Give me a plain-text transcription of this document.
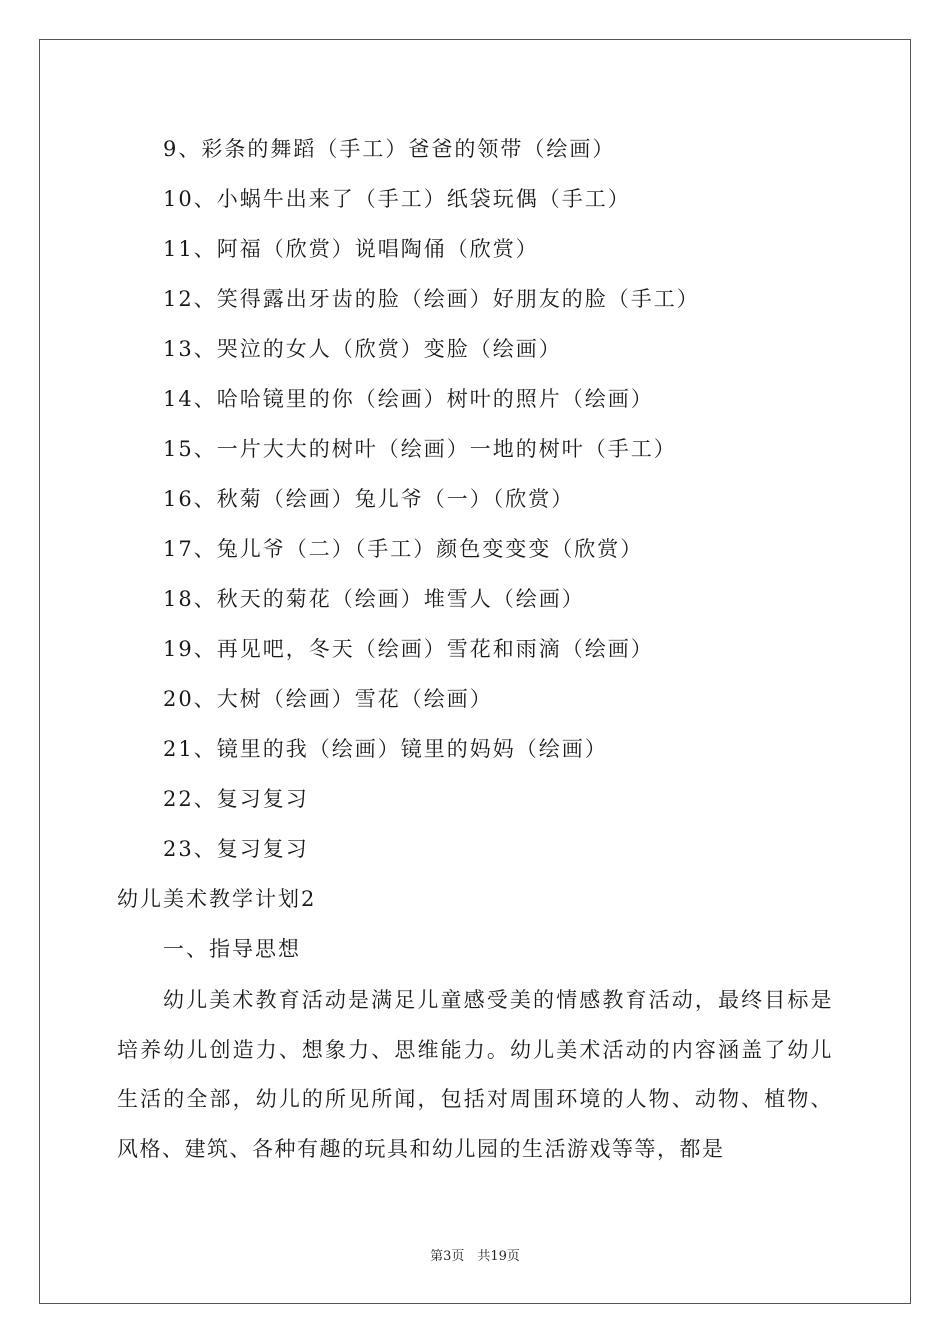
9、彩条的舞蹈（手工）爸爸的领带（绘画）
10、小蜗牛出来了（手工）纸袋玩偶（手工）
11、阿福（欣赏）说唱陶俑（欣赏）
12、笑得露出牙齿的脸（绘画）好朋友的脸（手工）
13、哭泣的女人（欣赏）变脸（绘画）
14、哈哈镜里的你（绘画）树叶的照片（绘画）
15、一片大大的树叶（绘画）一地的树叶（手工）
16、秋菊（绘画）兔儿爷（一）（欣赏）
17、兔儿爷（二）（手工）颜色变变变（欣赏）
18、秋天的菊花（绘画）堆雪人（绘画）
19、再见吧，冬天（绘画）雪花和雨滴（绘画）
20、大树（绘画）雪花（绘画）
21、镜里的我（绘画）镜里的妈妈（绘画）
22、复习复习
23、复习复习
幼儿美术教学计划2
一、指导思想

幼儿美术教育活动是满足儿童感受美的情感教育活动，最终目标是培养幼儿创造力、想象力、思维能力。幼儿美术活动的内容涵盖了幼儿生活的全部，幼儿的所见所闻，包括对周围环境的人物、动物、植物、风格、建筑、各种有趣的玩具和幼儿园的生活游戏等等，都是

第3页　共19页
